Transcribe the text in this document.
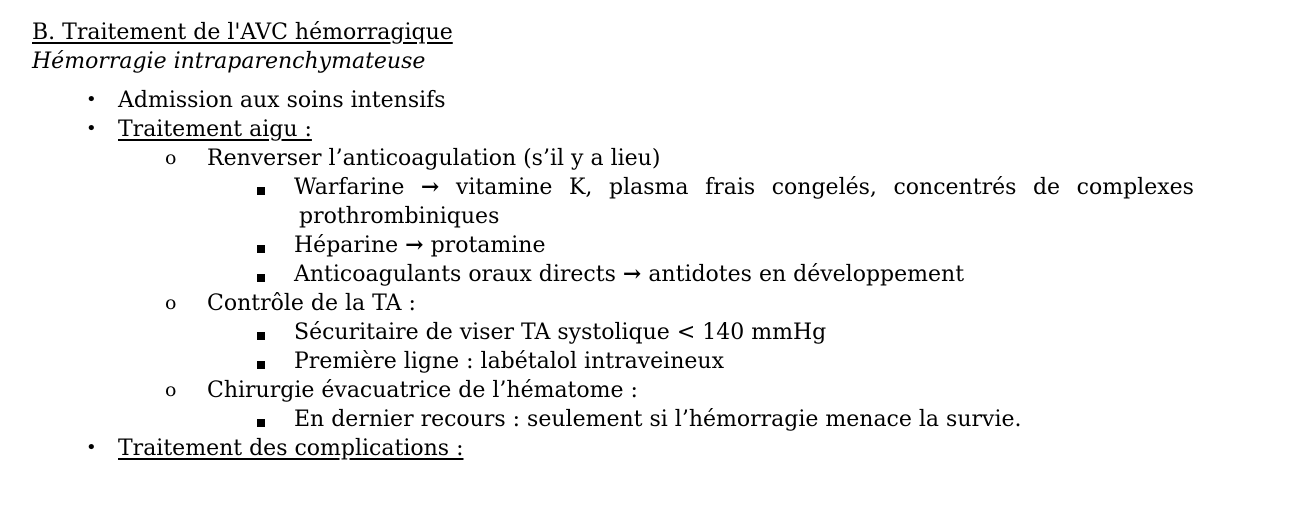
B. Traitement de l'AVC hémorragique
Hémorragie intraparenchymateuse
• Admission aux soins intensifs
• Traitement aigu :
o Renverser l’anticoagulation (s’il y a lieu)
Warfarine → vitamine K, plasma frais congelés, concentrés de complexes
prothrombiniques
Héparine → protamine
Anticoagulants oraux directs → antidotes en développement
o Contrôle de la TA :
Sécuritaire de viser TA systolique < 140 mmHg
Première ligne : labétalol intraveineux
o Chirurgie évacuatrice de l’hématome :
En dernier recours : seulement si l’hémorragie menace la survie.
• Traitement des complications :
